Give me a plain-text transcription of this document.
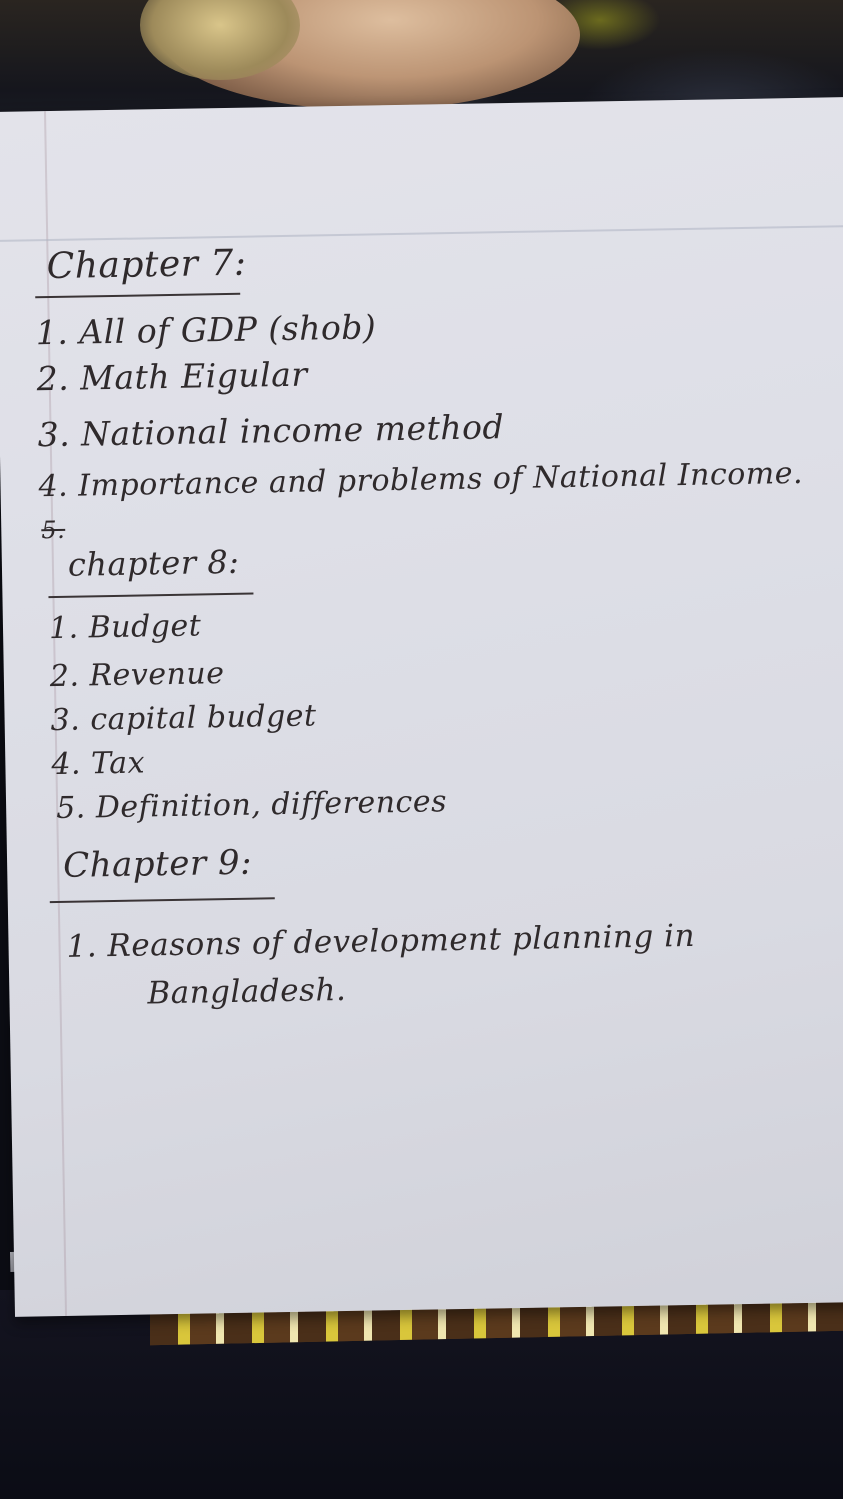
Chapter 7:
1. All of GDP (shob)
2. Math Eigular
3. National income method
4. Importance and problems of National Income.
5.
chapter 8:
1. Budget
2. Revenue
3. capital budget
4. Tax
5. Definition, differences
Chapter 9:
1. Reasons of development planning in
Bangladesh.
